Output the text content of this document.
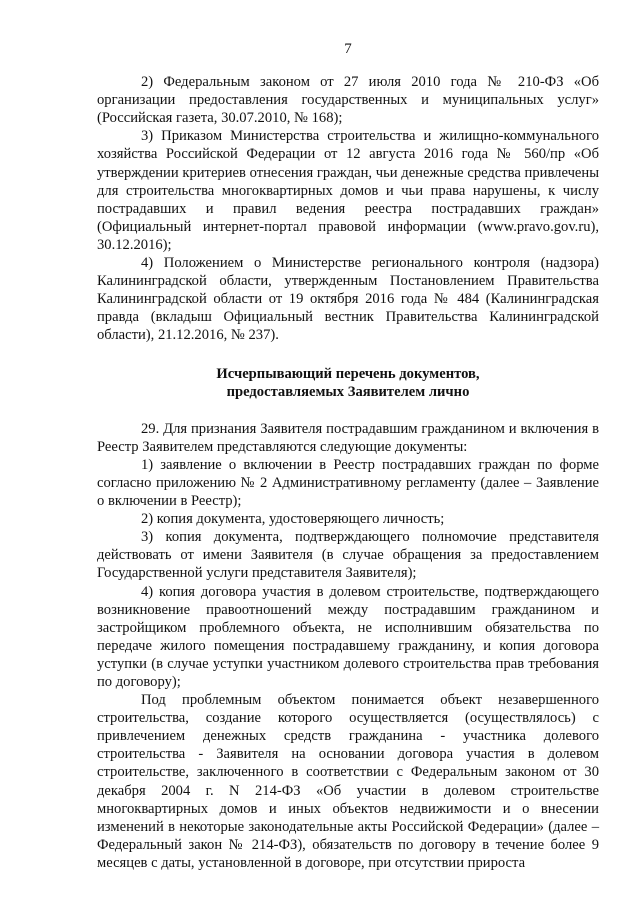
7

2) Федеральным законом от 27 июля 2010 года № 210-ФЗ «Об организации предоставления государственных и муниципальных услуг» (Российская газета, 30.07.2010, № 168);

3) Приказом Министерства строительства и жилищно-коммунального хозяйства Российской Федерации от 12 августа 2016 года № 560/пр «Об утверждении критериев отнесения граждан, чьи денежные средства привлечены для строительства многоквартирных домов и чьи права нарушены, к числу пострадавших и правил ведения реестра пострадавших граждан» (Официальный интернет-портал правовой информации (www.pravo.gov.ru), 30.12.2016);

4) Положением о Министерстве регионального контроля (надзора) Калининградской области, утвержденным Постановлением Правительства Калининградской области от 19 октября 2016 года № 484 (Калининградская правда (вкладыш Официальный вестник Правительства Калининградской области), 21.12.2016, № 237).

Исчерпывающий перечень документов,
предоставляемых Заявителем лично

29. Для признания Заявителя пострадавшим гражданином и включения в Реестр Заявителем представляются следующие документы:

1) заявление о включении в Реестр пострадавших граждан по форме согласно приложению № 2 Административному регламенту (далее – Заявление о включении в Реестр);

2) копия документа, удостоверяющего личность;

3) копия документа, подтверждающего полномочие представителя действовать от имени Заявителя (в случае обращения за предоставлением Государственной услуги представителя Заявителя);

4) копия договора участия в долевом строительстве, подтверждающего возникновение правоотношений между пострадавшим гражданином и застройщиком проблемного объекта, не исполнившим обязательства по передаче жилого помещения пострадавшему гражданину, и копия договора уступки (в случае уступки участником долевого строительства прав требования по договору);

Под проблемным объектом понимается объект незавершенного строительства, создание которого осуществляется (осуществлялось) с привлечением денежных средств гражданина - участника долевого строительства - Заявителя на основании договора участия в долевом строительстве, заключенного в соответствии с Федеральным законом от 30 декабря 2004 г. N 214-ФЗ «Об участии в долевом строительстве многоквартирных домов и иных объектов недвижимости и о внесении изменений в некоторые законодательные акты Российской Федерации» (далее – Федеральный закон № 214-ФЗ), обязательств по договору в течение более 9 месяцев с даты, установленной в договоре, при отсутствии прироста
